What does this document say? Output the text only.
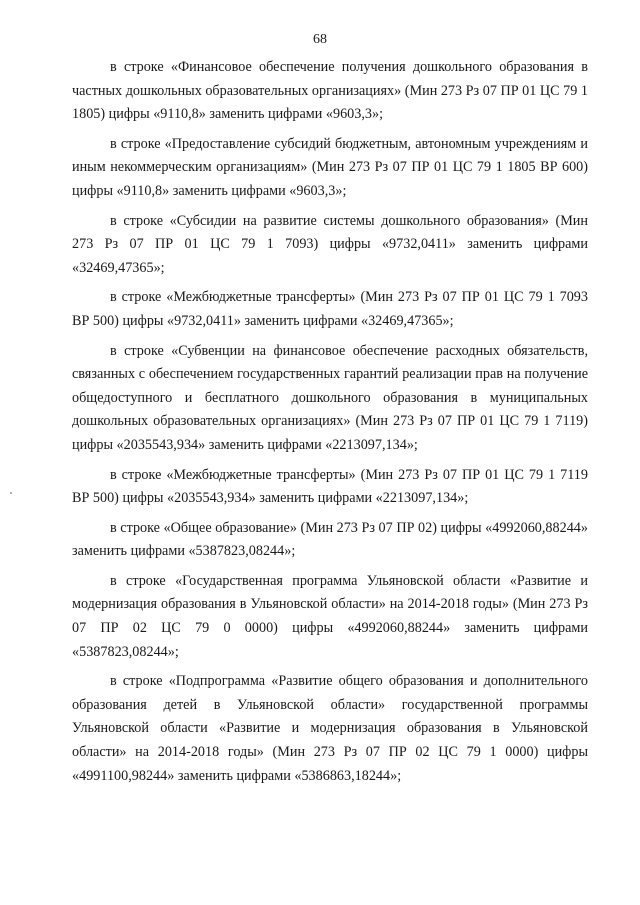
68

в строке «Финансовое обеспечение получения дошкольного образования в частных дошкольных образовательных организациях» (Мин 273 Рз 07 ПР 01 ЦС 79 1 1805) цифры «9110,8» заменить цифрами «9603,3»;

в строке «Предоставление субсидий бюджетным, автономным учреждениям и иным некоммерческим организациям» (Мин 273 Рз 07 ПР 01 ЦС 79 1 1805 ВР 600) цифры «9110,8» заменить цифрами «9603,3»;

в строке «Субсидии на развитие системы дошкольного образования» (Мин 273 Рз 07 ПР 01 ЦС 79 1 7093) цифры «9732,0411» заменить цифрами «32469,47365»;

в строке «Межбюджетные трансферты» (Мин 273 Рз 07 ПР 01 ЦС 79 1 7093 ВР 500) цифры «9732,0411» заменить цифрами «32469,47365»;

в строке «Субвенции на финансовое обеспечение расходных обязательств, связанных с обеспечением государственных гарантий реализации прав на получение общедоступного и бесплатного дошкольного образования в муниципальных дошкольных образовательных организациях» (Мин 273 Рз 07 ПР 01 ЦС 79 1 7119) цифры «2035543,934» заменить цифрами «2213097,134»;

в строке «Межбюджетные трансферты» (Мин 273 Рз 07 ПР 01 ЦС 79 1 7119 ВР 500) цифры «2035543,934» заменить цифрами «2213097,134»;

в строке «Общее образование» (Мин 273 Рз 07 ПР 02) цифры «4992060,88244» заменить цифрами «5387823,08244»;

в строке «Государственная программа Ульяновской области «Развитие и модернизация образования в Ульяновской области» на 2014-2018 годы» (Мин 273 Рз 07 ПР 02 ЦС 79 0 0000) цифры «4992060,88244» заменить цифрами «5387823,08244»;

в строке «Подпрограмма «Развитие общего образования и дополнительного образования детей в Ульяновской области» государственной программы Ульяновской области «Развитие и модернизация образования в Ульяновской области» на 2014-2018 годы» (Мин 273 Рз 07 ПР 02 ЦС 79 1 0000) цифры «4991100,98244» заменить цифрами «5386863,18244»;
